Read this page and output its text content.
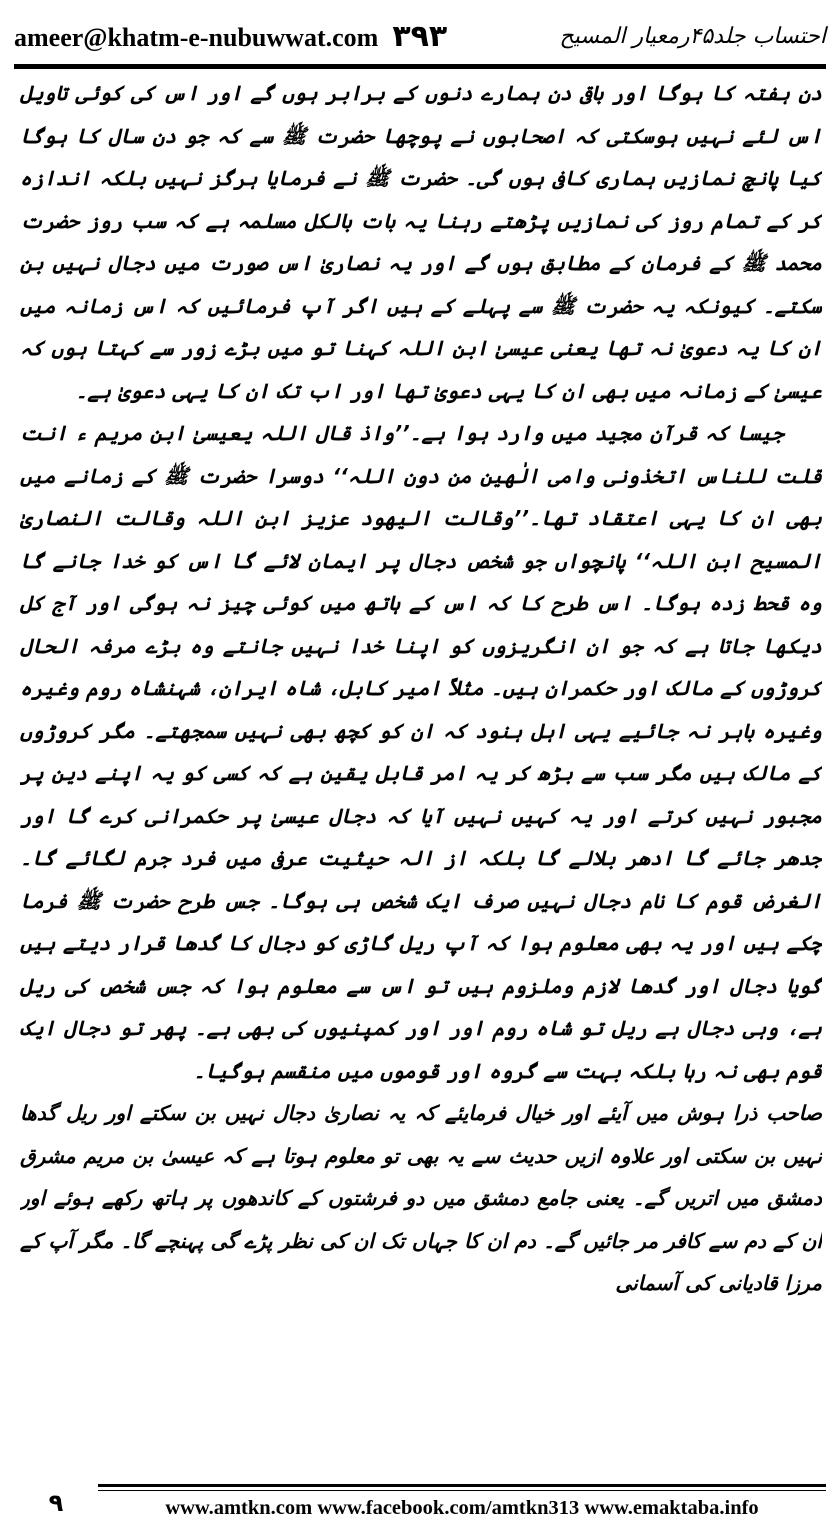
ameer@khatm-e-nubuwwat.com ۳۹۳	احتساب جلد۴۵رمعیار المسیح

دن ہفتہ کا ہوگا اور باقی دن ہمارے دنوں کے برابر ہوں گے اور اس کی کوئی تاویل اس لئے نہیں ہوسکتی کہ اصحابوں نے پوچھا حضرت ﷺ سے کہ جو دن سال کا ہوگا کیا پانچ نمازیں ہماری کافی ہوں گی۔ حضرت ﷺ نے فرمایا ہرگز نہیں بلکہ اندازہ کر کے تمام روز کی نمازیں پڑھتے رہنا یہ بات بالکل مسلمہ ہے کہ سب روز حضرت محمد ﷺ کے فرمان کے مطابق ہوں گے اور یہ نصاریٰ اس صورت میں دجال نہیں بن سکتے۔ کیونکہ یہ حضرت ﷺ سے پہلے کے ہیں اگر آپ فرمائیں کہ اس زمانہ میں ان کا یہ دعویٰ نہ تھا یعنی عیسیٰ ابن اللہ کہنا تو میں بڑے زور سے کہتا ہوں کہ عیسیٰ کے زمانہ میں بھی ان کا یہی دعویٰ تھا اور اب تک ان کا یہی دعویٰ ہے۔

جیسا کہ قرآن مجید میں وارد ہوا ہے۔’’واذ قال اللہ یعیسیٰ ابن مریم ء انت قلت للناس اتخذونی وامی الٰھین من دون اللہ‘‘ دوسرا حضرت ﷺ کے زمانے میں بھی ان کا یہی اعتقاد تھا۔’’وقالت الیھود عزیز ابن اللہ وقالت النصاریٰ المسیح ابن اللہ‘‘ پانچواں جو شخص دجال پر ایمان لائے گا اس کو خدا جانے گا وہ قحط زدہ ہوگا۔ اس طرح کا کہ اس کے ہاتھ میں کوئی چیز نہ ہوگی اور آج کل دیکھا جاتا ہے کہ جو ان انگریزوں کو اپنا خدا نہیں جانتے وہ بڑے مرفہ الحال کروڑوں کے مالک اور حکمران ہیں۔ مثلاً امیر کابل، شاہ ایران، شہنشاہ روم وغیرہ وغیرہ باہر نہ جائیے یہی اہل ہنود کہ ان کو کچھ بھی نہیں سمجھتے۔ مگر کروڑوں کے مالک ہیں مگر سب سے بڑھ کر یہ امر قابل یقین ہے کہ کسی کو یہ اپنے دین پر مجبور نہیں کرتے اور یہ کہیں نہیں آیا کہ دجال عیسیٰ پر حکمرانی کرے گا اور جدھر جائے گا ادھر بلالے گا بلکہ از الہ حیثیت عرفی میں فرد جرم لگائے گا۔ الغرض قوم کا نام دجال نہیں صرف ایک شخص ہی ہوگا۔ جس طرح حضرت ﷺ فرما چکے ہیں اور یہ بھی معلوم ہوا کہ آپ ریل گاڑی کو دجال کا گدھا قرار دیتے ہیں گویا دجال اور گدھا لازم وملزوم ہیں تو اس سے معلوم ہوا کہ جس شخص کی ریل ہے، وہی دجال ہے ریل تو شاہ روم اور اور کمپنیوں کی بھی ہے۔ پھر تو دجال ایک قوم بھی نہ رہا بلکہ بہت سے گروہ اور قوموں میں منقسم ہوگیا۔

صاحب ذرا ہوش میں آیئے اور خیال فرمایئے کہ یہ نصاریٰ دجال نہیں بن سکتے اور ریل گدھا نہیں بن سکتی اور علاوہ ازیں حدیث سے یہ بھی تو معلوم ہوتا ہے کہ عیسیٰ بن مریم مشرق دمشق میں اتریں گے۔ یعنی جامع دمشق میں دو فرشتوں کے کاندھوں پر ہاتھ رکھے ہوئے اور ان کے دم سے کافر مر جائیں گے۔ دم ان کا جہاں تک ان کی نظر پڑے گی پہنچے گا۔ مگر آپ کے مرزا قادیانی کی آسمانی

۹	www.amtkn.com www.facebook.com/amtkn313 www.emaktaba.info
